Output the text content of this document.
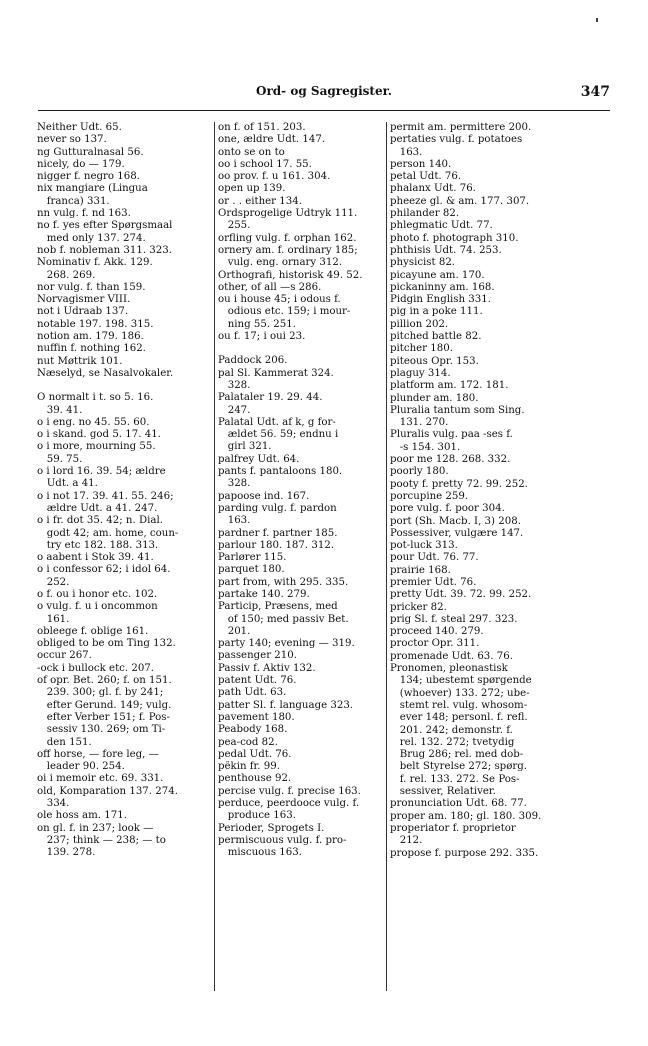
Ord- og Sagregister.	347
Neither Udt. 65.
never so 137.
ng Gutturalnasal 56.
nicely, do — 179.
nigger f. negro 168.
nix mangiare (Lingua
franca) 331.
nn vulg. f. nd 163.
no f. yes efter Spørgsmaal
med only 137. 274.
nob f. nobleman 311. 323.
Nominativ f. Akk. 129.
268. 269.
nor vulg. f. than 159.
Norvagismer VIII.
not i Udraab 137.
notable 197. 198. 315.
notion am. 179. 186.
nuffin f. nothing 162.
nut Møttrik 101.
Næselyd, se Nasalvokaler.
O normalt i t. so 5. 16.
39. 41.
o i eng. no 45. 55. 60.
o i skand. god 5. 17. 41.
o i more, mourning 55.
59. 75.
o i lord 16. 39. 54; ældre
Udt. a 41.
o i not 17. 39. 41. 55. 246;
ældre Udt. a 41. 247.
o i fr. dot 35. 42; n. Dial.
godt 42; am. home, coun-
try etc 182. 188. 313.
o aabent i Stok 39. 41.
o i confessor 62; i idol 64.
252.
o f. ou i honor etc. 102.
o vulg. f. u i oncommon
161.
obleege f. oblige 161.
obliged to be om Ting 132.
occur 267.
-ock i bullock etc. 207.
of opr. Bet. 260; f. on 151.
239. 300; gl. f. by 241;
efter Gerund. 149; vulg.
efter Verber 151; f. Pos-
sessiv 130. 269; om Ti-
den 151.
off horse, — fore leg, —
leader 90. 254.
oi i memoir etc. 69. 331.
old, Komparation 137. 274.
334.
ole hoss am. 171.
on gl. f. in 237; look —
237; think — 238; — to
139. 278.
on f. of 151. 203.
one, ældre Udt. 147.
onto se on to
oo i school 17. 55.
oo prov. f. u 161. 304.
open up 139.
or . . either 134.
Ordsprogelige Udtryk 111.
255.
orfling vulg. f. orphan 162.
ornery am. f. ordinary 185;
vulg. eng. ornary 312.
Orthografi, historisk 49. 52.
other, of all —s 286.
ou i house 45; i odous f.
odious etc. 159; i mour-
ning 55. 251.
ou f. 17; i oui 23.
Paddock 206.
pal Sl. Kammerat 324.
328.
Palataler 19. 29. 44.
247.
Palatal Udt. af k, g for-
ældet 56. 59; endnu i
girl 321.
palfrey Udt. 64.
pants f. pantaloons 180.
328.
papoose ind. 167.
parding vulg. f. pardon
163.
pardner f. partner 185.
parlour 180. 187. 312.
Parlører 115.
parquet 180.
part from, with 295. 335.
partake 140. 279.
Particip, Præsens, med
of 150; med passiv Bet.
201.
party 140; evening — 319.
passenger 210.
Passiv f. Aktiv 132.
patent Udt. 76.
path Udt. 63.
patter Sl. f. language 323.
pavement 180.
Peabody 168.
pea-cod 82.
pedal Udt. 76.
pêkin fr. 99.
penthouse 92.
percise vulg. f. precise 163.
perduce, peerdooce vulg. f.
produce 163.
Perioder, Sprogets I.
permiscuous vulg. f. pro-
miscuous 163.
permit am. permittere 200.
pertaties vulg. f. potatoes
163.
person 140.
petal Udt. 76.
phalanx Udt. 76.
pheeze gl. & am. 177. 307.
philander 82.
phlegmatic Udt. 77.
photo f. photograph 310.
phthisis Udt. 74. 253.
physicist 82.
picayune am. 170.
pickaninny am. 168.
Pidgin English 331.
pig in a poke 111.
pillion 202.
pitched battle 82.
pitcher 180.
piteous Opr. 153.
plaguy 314.
platform am. 172. 181.
plunder am. 180.
Pluralia tantum som Sing.
131. 270.
Pluralis vulg. paa -ses f.
-s 154. 301.
poor me 128. 268. 332.
poorly 180.
pooty f. pretty 72. 99. 252.
porcupine 259.
pore vulg. f. poor 304.
port (Sh. Macb. I, 3) 208.
Possessiver, vulgære 147.
pot-luck 313.
pour Udt. 76. 77.
prairie 168.
premier Udt. 76.
pretty Udt. 39. 72. 99. 252.
pricker 82.
prig Sl. f. steal 297. 323.
proceed 140. 279.
proctor Opr. 311.
promenade Udt. 63. 76.
Pronomen, pleonastisk
134; ubestemt spørgende
(whoever) 133. 272; ube-
stemt rel. vulg. whosom-
ever 148; personl. f. refl.
201. 242; demonstr. f.
rel. 132. 272; tvetydig
Brug 286; rel. med dob-
belt Styrelse 272; spørg.
f. rel. 133. 272. Se Pos-
sessiver, Relativer.
pronunciation Udt. 68. 77.
proper am. 180; gl. 180. 309.
properiator f. proprietor
212.
propose f. purpose 292. 335.
